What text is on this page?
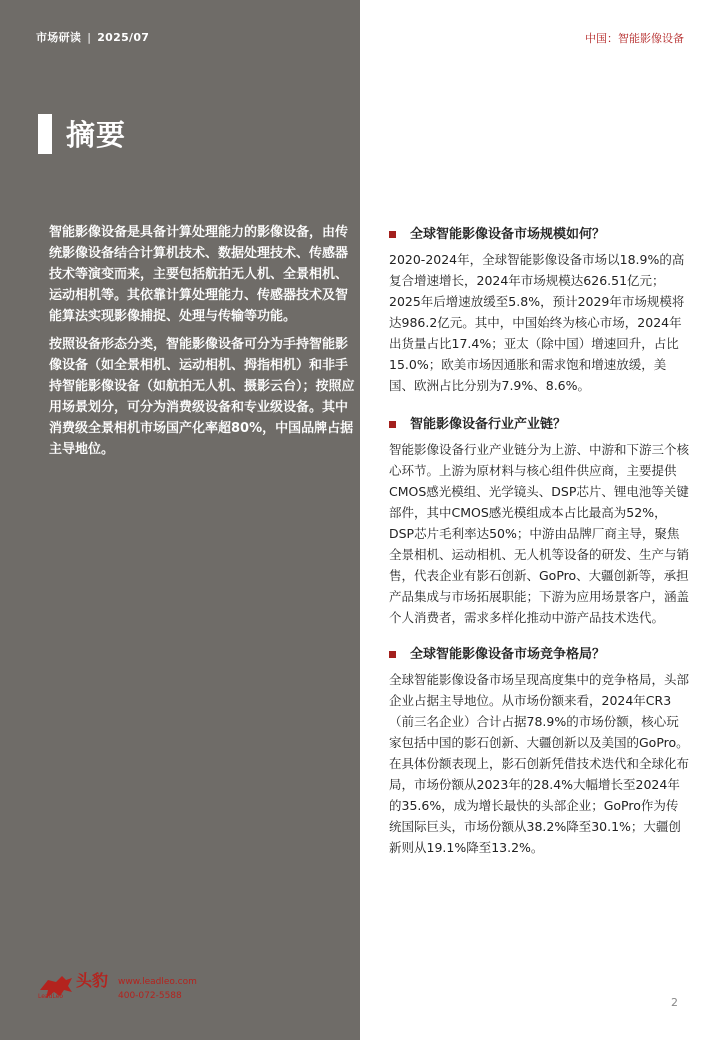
市场研读 | 2025/07	中国：智能影像设备
摘要

智能影像设备是具备计算处理能力的影像设备，由传统影像设备结合计算机技术、数据处理技术、传感器技术等演变而来，主要包括航拍无人机、全景相机、运动相机等。其依靠计算处理能力、传感器技术及智能算法实现影像捕捉、处理与传输等功能。

按照设备形态分类，智能影像设备可分为手持智能影像设备（如全景相机、运动相机、拇指相机）和非手持智能影像设备（如航拍无人机、摄影云台）；按照应用场景划分，可分为消费级设备和专业级设备。其中消费级全景相机市场国产化率超80%，中国品牌占据主导地位。

全球智能影像设备市场规模如何？
2020-2024年，全球智能影像设备市场以18.9%的高复合增速增长，2024年市场规模达626.51亿元；2025年后增速放缓至5.8%，预计2029年市场规模将达986.2亿元。其中，中国始终为核心市场，2024年出货量占比17.4%；亚太（除中国）增速回升，占比15.0%；欧美市场因通胀和需求饱和增速放缓，美国、欧洲占比分别为7.9%、8.6%。
智能影像设备行业产业链？
智能影像设备行业产业链分为上游、中游和下游三个核心环节。上游为原材料与核心组件供应商，主要提供CMOS感光模组、光学镜头、DSP芯片、锂电池等关键部件，其中CMOS感光模组成本占比最高为52%，DSP芯片毛利率达50%；中游由品牌厂商主导，聚焦全景相机、运动相机、无人机等设备的研发、生产与销售，代表企业有影石创新、GoPro、大疆创新等，承担产品集成与市场拓展职能；下游为应用场景客户，涵盖个人消费者，需求多样化推动中游产品技术迭代。
全球智能影像设备市场竞争格局？
全球智能影像设备市场呈现高度集中的竞争格局，头部企业占据主导地位。从市场份额来看，2024年CR3（前三名企业）合计占据78.9%的市场份额，核心玩家包括中国的影石创新、大疆创新以及美国的GoPro。在具体份额表现上，影石创新凭借技术迭代和全球化布局，市场份额从2023年的28.4%大幅增长至2024年的35.6%，成为增长最快的头部企业；GoPro作为传统国际巨头，市场份额从38.2%降至30.1%；大疆创新则从19.1%降至13.2%。
头豹
LeadLeo
www.leadleo.com
400-072-5588	2
